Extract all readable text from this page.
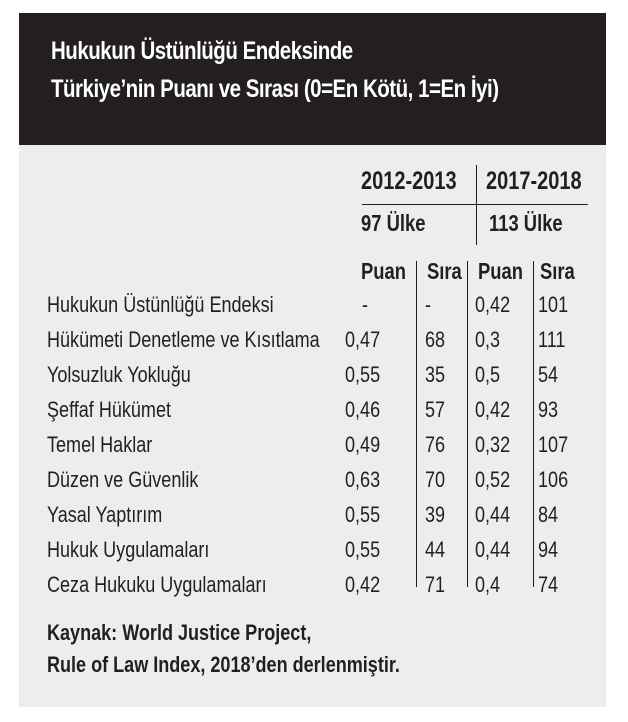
Hukukun Üstünlüğü Endeksinde
Türkiye’nin Puanı ve Sırası (0=En Kötü, 1=En İyi)
2012-2013 2017-2018
97 Ülke	113 Ülke
Puan Sıra Puan Sıra
Hukukun Üstünlüğü Endeksi	-	- 0,42 101
Hükümeti Denetleme ve Kısıtlama 0,47 68 0,3 111
Yolsuzluk Yokluğu	0,55 35 0,5 54
Şeffaf Hükümet	0,46 57 0,42 93
Temel Haklar	0,49 76 0,32 107
Düzen ve Güvenlik	0,63 70 0,52 106
Yasal Yaptırım	0,55 39 0,44 84
Hukuk Uygulamaları	0,55 44 0,44 94
Ceza Hukuku Uygulamaları	0,42 71 0,4 74
Kaynak: World Justice Project,
Rule of Law Index, 2018’den derlenmiştir.
